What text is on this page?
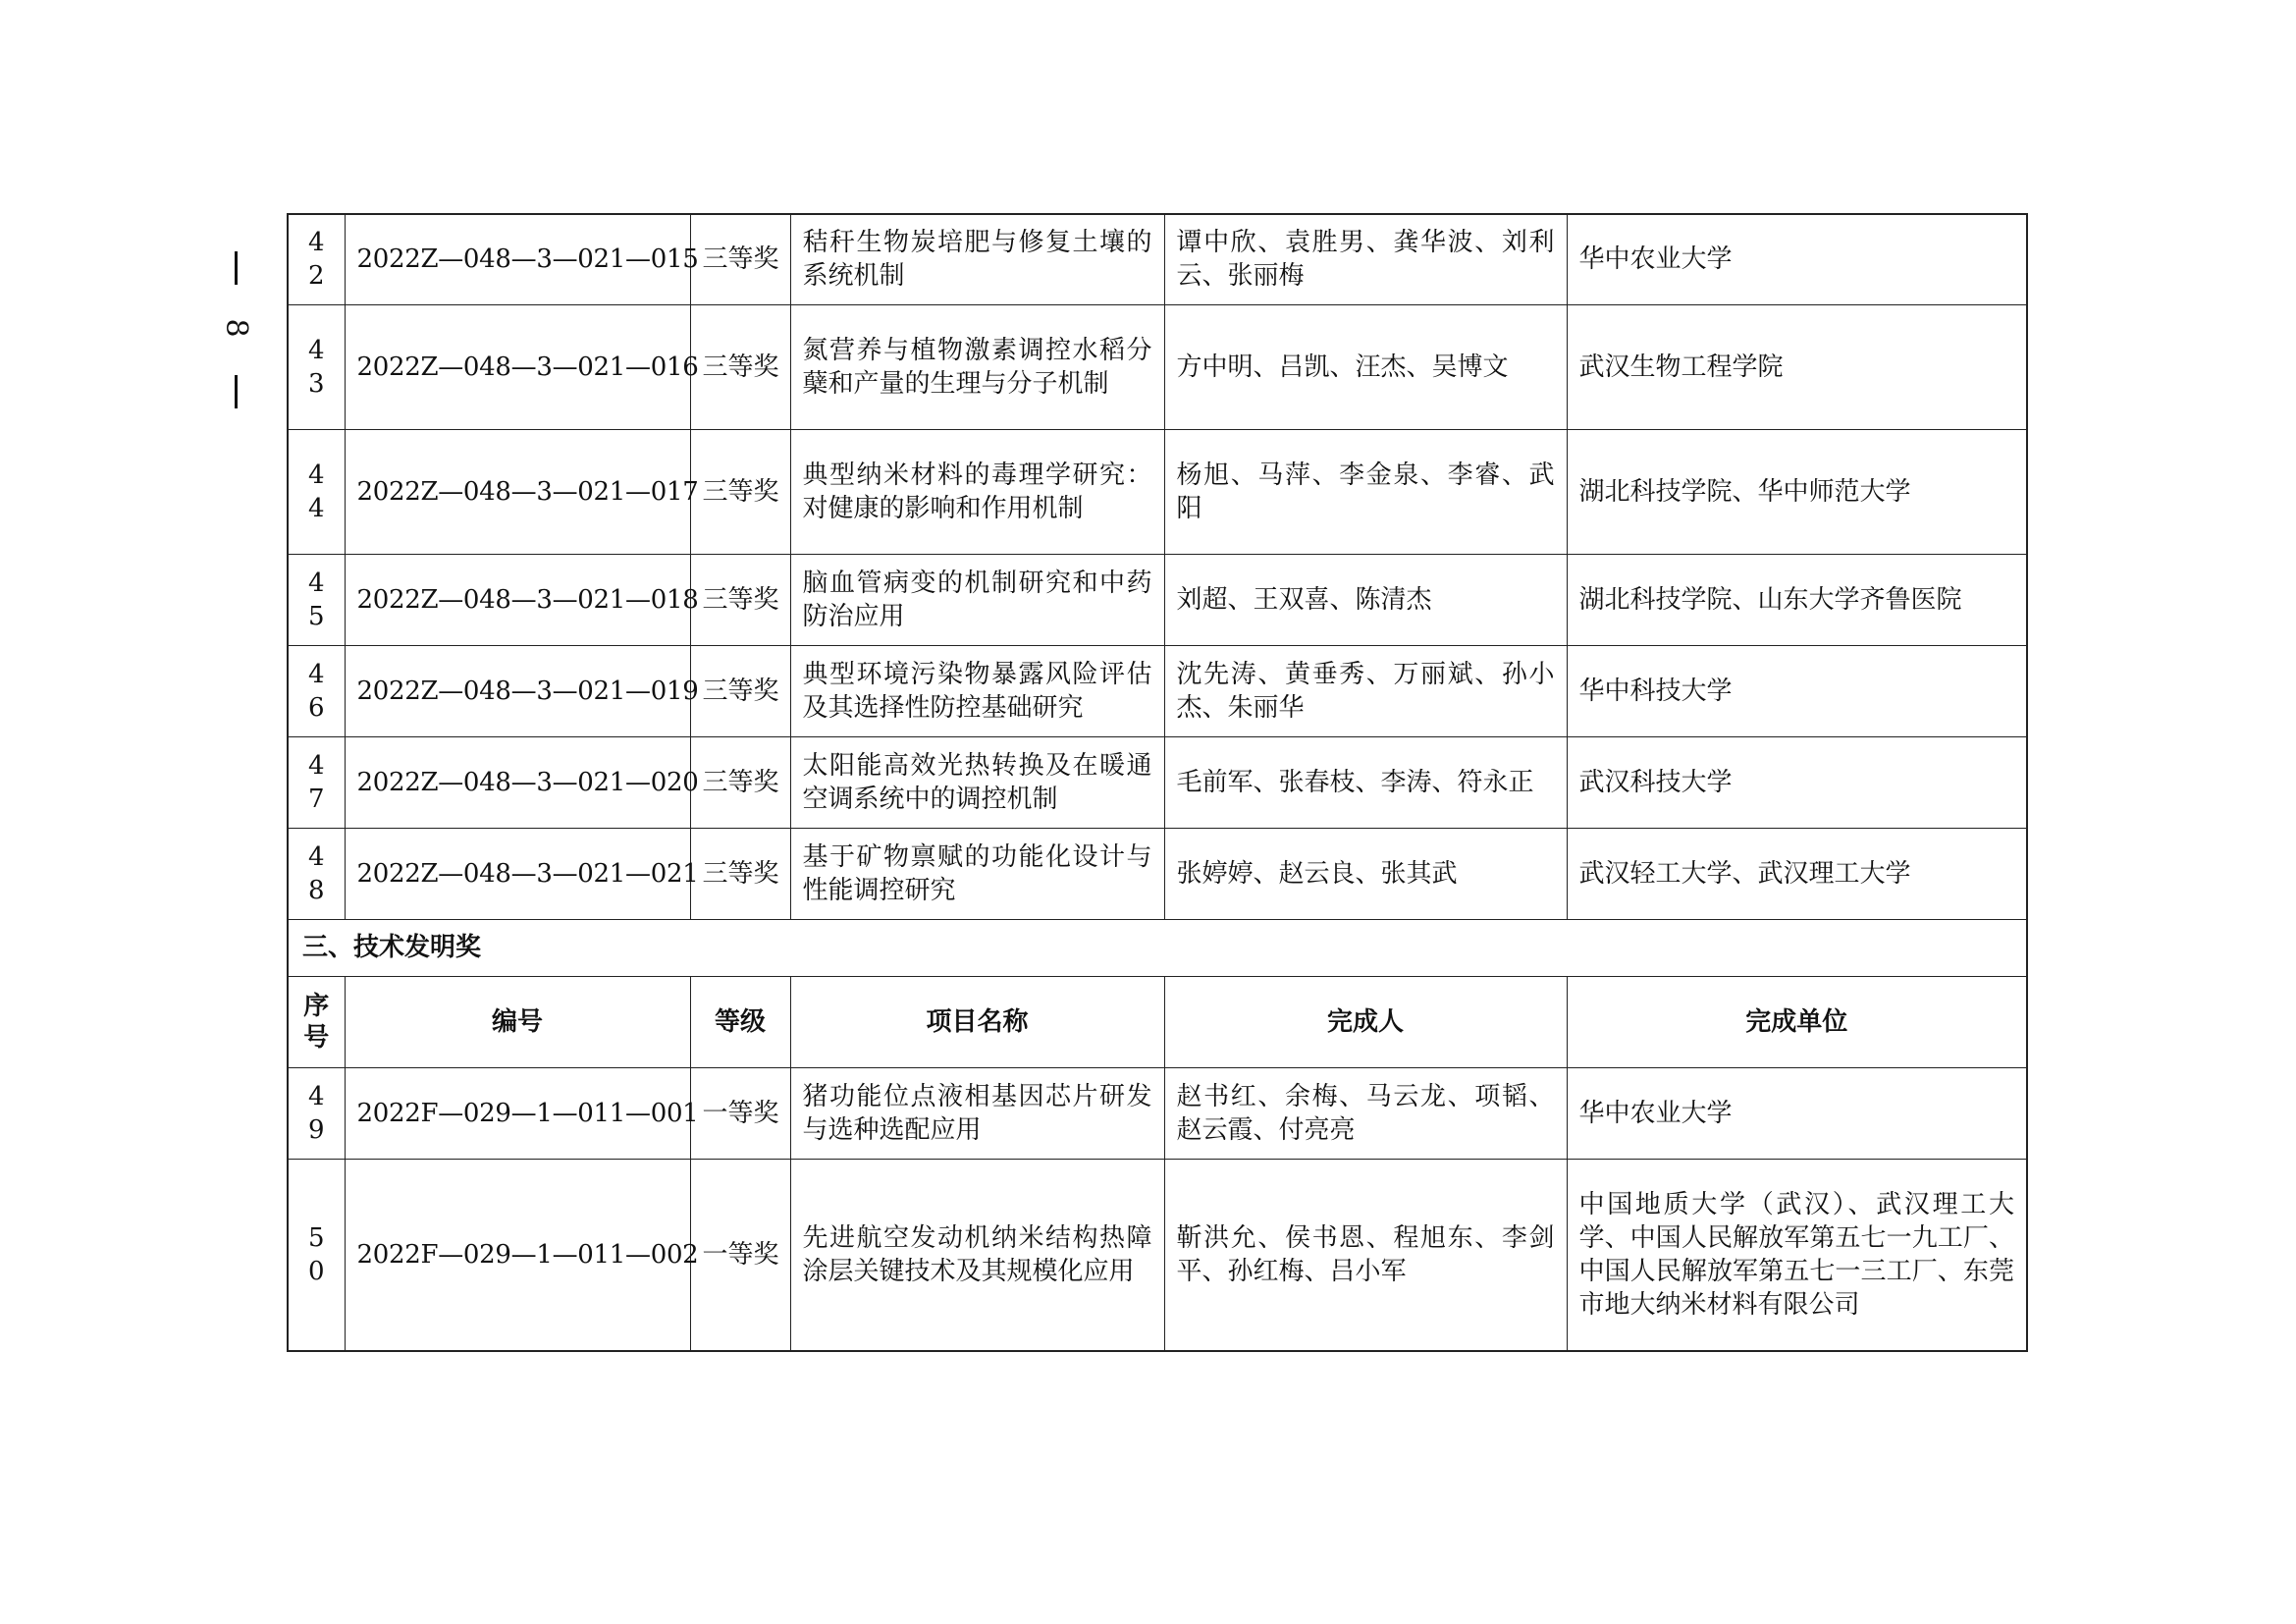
8
42	2022Z—048—3—021—015	三等奖	秸秆生物炭培肥与修复土壤的系统机制	谭中欣、袁胜男、龚华波、刘利云、张丽梅	华中农业大学
43	2022Z—048—3—021—016	三等奖	氮营养与植物激素调控水稻分蘖和产量的生理与分子机制	方中明、吕凯、汪杰、吴博文	武汉生物工程学院
44	2022Z—048—3—021—017	三等奖	典型纳米材料的毒理学研究：对健康的影响和作用机制	杨旭、马萍、李金泉、李睿、武阳	湖北科技学院、华中师范大学
45	2022Z—048—3—021—018	三等奖	脑血管病变的机制研究和中药防治应用	刘超、王双喜、陈清杰	湖北科技学院、山东大学齐鲁医院
46	2022Z—048—3—021—019	三等奖	典型环境污染物暴露风险评估及其选择性防控基础研究	沈先涛、黄垂秀、万丽斌、孙小杰、朱丽华	华中科技大学
47	2022Z—048—3—021—020	三等奖	太阳能高效光热转换及在暖通空调系统中的调控机制	毛前军、张春枝、李涛、符永正	武汉科技大学
48	2022Z—048—3—021—021	三等奖	基于矿物禀赋的功能化设计与性能调控研究	张婷婷、赵云良、张其武	武汉轻工大学、武汉理工大学
三、技术发明奖					
序号	编号	等级	项目名称	完成人	完成单位
49	2022F—029—1—011—001	一等奖	猪功能位点液相基因芯片研发与选种选配应用	赵书红、余梅、马云龙、项韬、赵云霞、付亮亮	华中农业大学
50	2022F—029—1—011—002	一等奖	先进航空发动机纳米结构热障涂层关键技术及其规模化应用	靳洪允、侯书恩、程旭东、李剑平、孙红梅、吕小军	中国地质大学（武汉）、武汉理工大学、中国人民解放军第五七一九工厂、中国人民解放军第五七一三工厂、东莞市地大纳米材料有限公司
